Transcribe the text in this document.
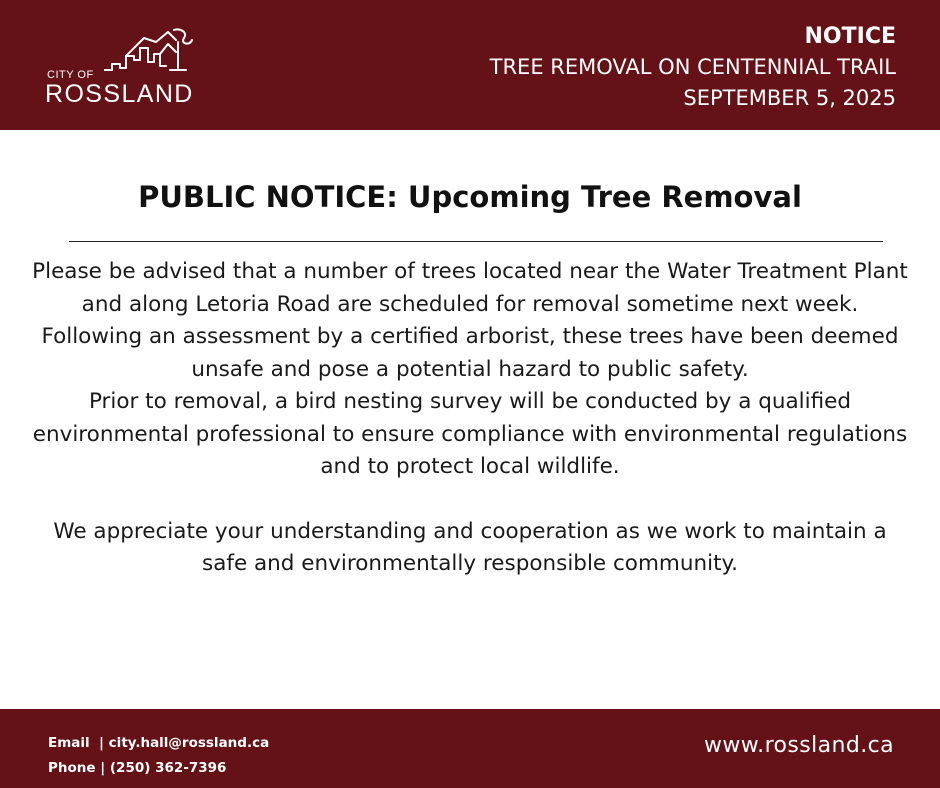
CITY OF
ROSSLAND
NOTICE
TREE REMOVAL ON CENTENNIAL TRAIL
SEPTEMBER 5, 2025
PUBLIC NOTICE: Upcoming Tree Removal

Please be advised that a number of trees located near the Water Treatment Plant and along Letoria Road are scheduled for removal sometime next week. Following an assessment by a certified arborist, these trees have been deemed unsafe and pose a potential hazard to public safety.

Prior to removal, a bird nesting survey will be conducted by a qualified environmental professional to ensure compliance with environmental regulations and to protect local wildlife.

We appreciate your understanding and cooperation as we work to maintain a safe and environmentally responsible community.

Email  | city.hall@rossland.ca
Phone | (250) 362-7396
www.rossland.ca
